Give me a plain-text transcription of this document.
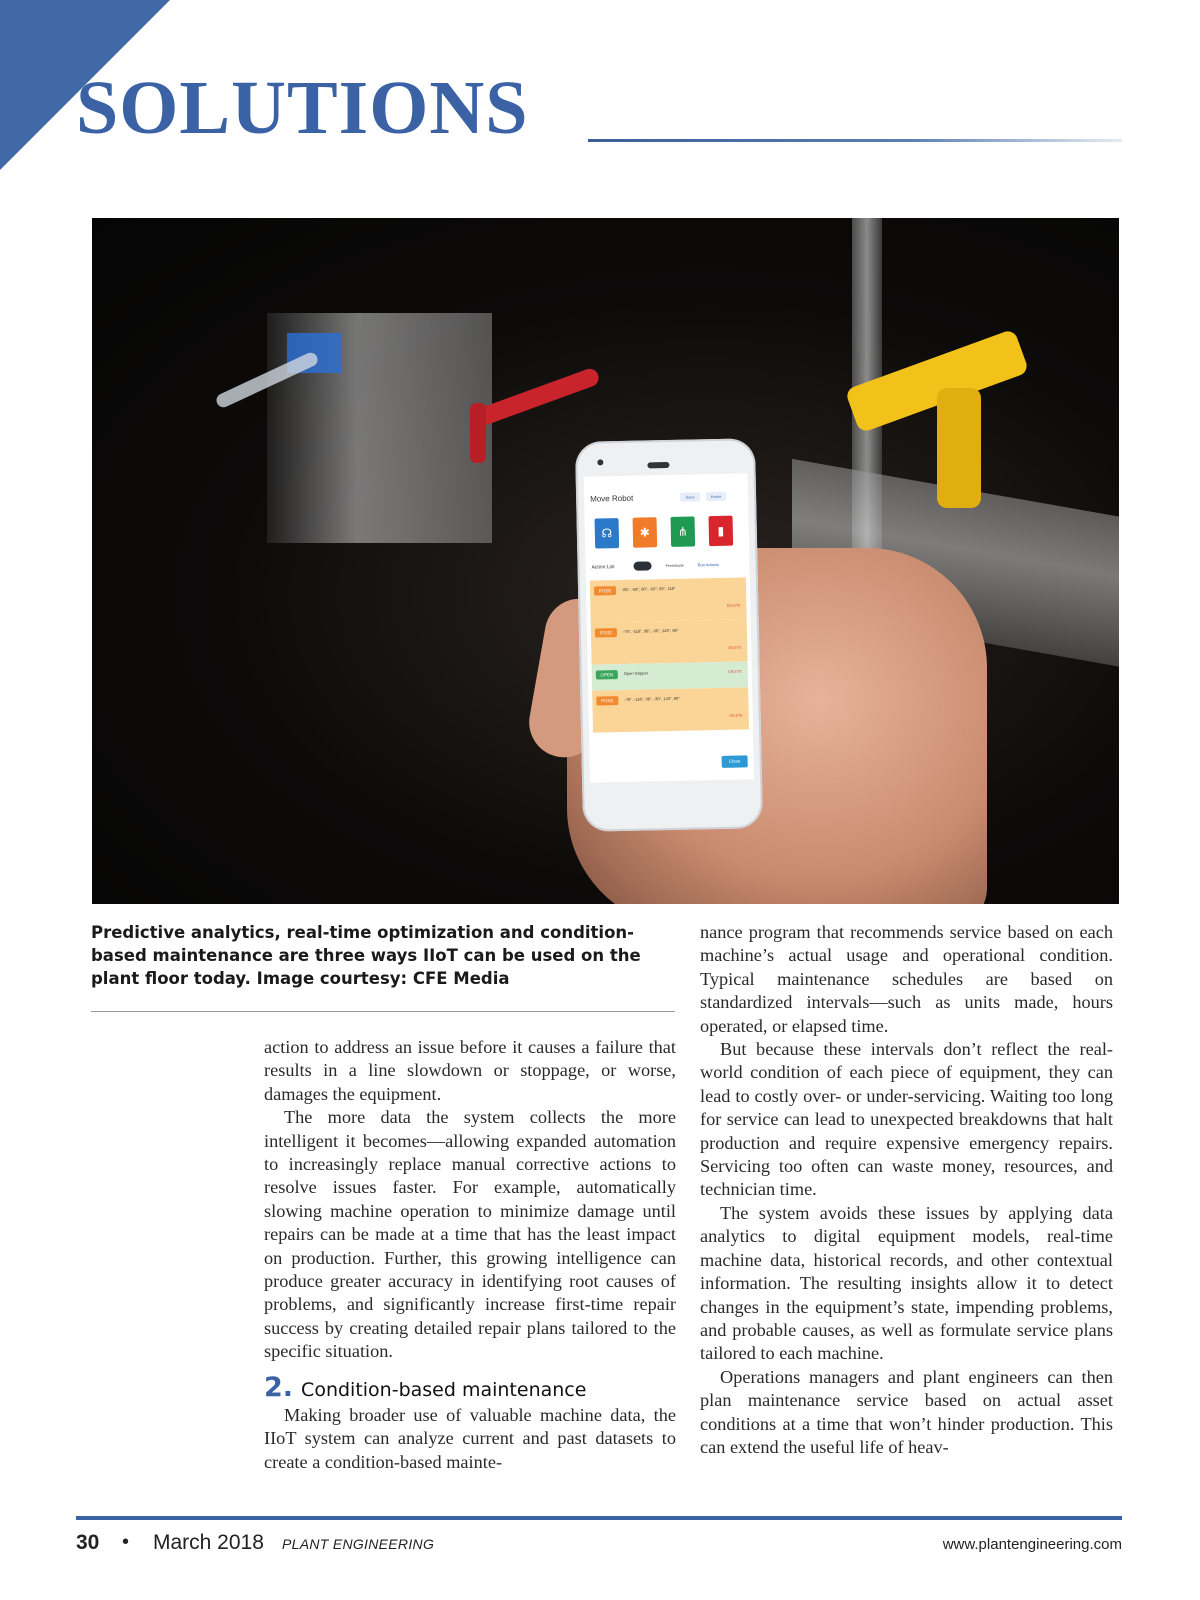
SOLUTIONS
Move Robot	Save	Home
☊	✱	⋔	▮
Action List	Freemode	Run Actions
POSE	-85°, -58°, 90°, -50°, 93°, 118°
DELETE
POSE	-76°, -116°, 98°, -30°, 143°, 60°
DELETE
OPEN	Open Gripper	DELETE
POSE	-76°, -116°, 98°, -30°, 143°, 60°
DELETE
Close

Predictive analytics, real-time optimization and condition-based maintenance are three ways IIoT can be used on the plant floor today. Image courtesy: CFE Media

action to address an issue before it causes a failure that results in a line slowdown or stoppage, or worse, damages the equipment.

The more data the system collects the more intelligent it becomes—allowing expanded automation to increasingly replace manual corrective actions to resolve issues faster. For example, automatically slowing machine operation to minimize damage until repairs can be made at a time that has the least impact on production. Further, this growing intelligence can produce greater accuracy in identifying root causes of problems, and significantly increase first-time repair success by creating detailed repair plans tailored to the specific situation.

2. Condition-based maintenance

Making broader use of valuable machine data, the IIoT system can analyze current and past datasets to create a condition-based mainte-

nance program that recommends service based on each machine’s actual usage and operational condition. Typical maintenance schedules are based on standardized intervals—such as units made, hours operated, or elapsed time.

But because these intervals don’t reflect the real-world condition of each piece of equipment, they can lead to costly over- or under-servicing. Waiting too long for service can lead to unexpected breakdowns that halt production and require expensive emergency repairs. Servicing too often can waste money, resources, and technician time.

The system avoids these issues by applying data analytics to digital equipment models, real-time machine data, historical records, and other contextual information. The resulting insights allow it to detect changes in the equipment’s state, impending problems, and probable causes, as well as formulate service plans tailored to each machine.

Operations managers and plant engineers can then plan maintenance service based on actual asset conditions at a time that won’t hinder production. This can extend the useful life of heav-

30 • March 2018 PLANT ENGINEERING	www.plantengineering.com
